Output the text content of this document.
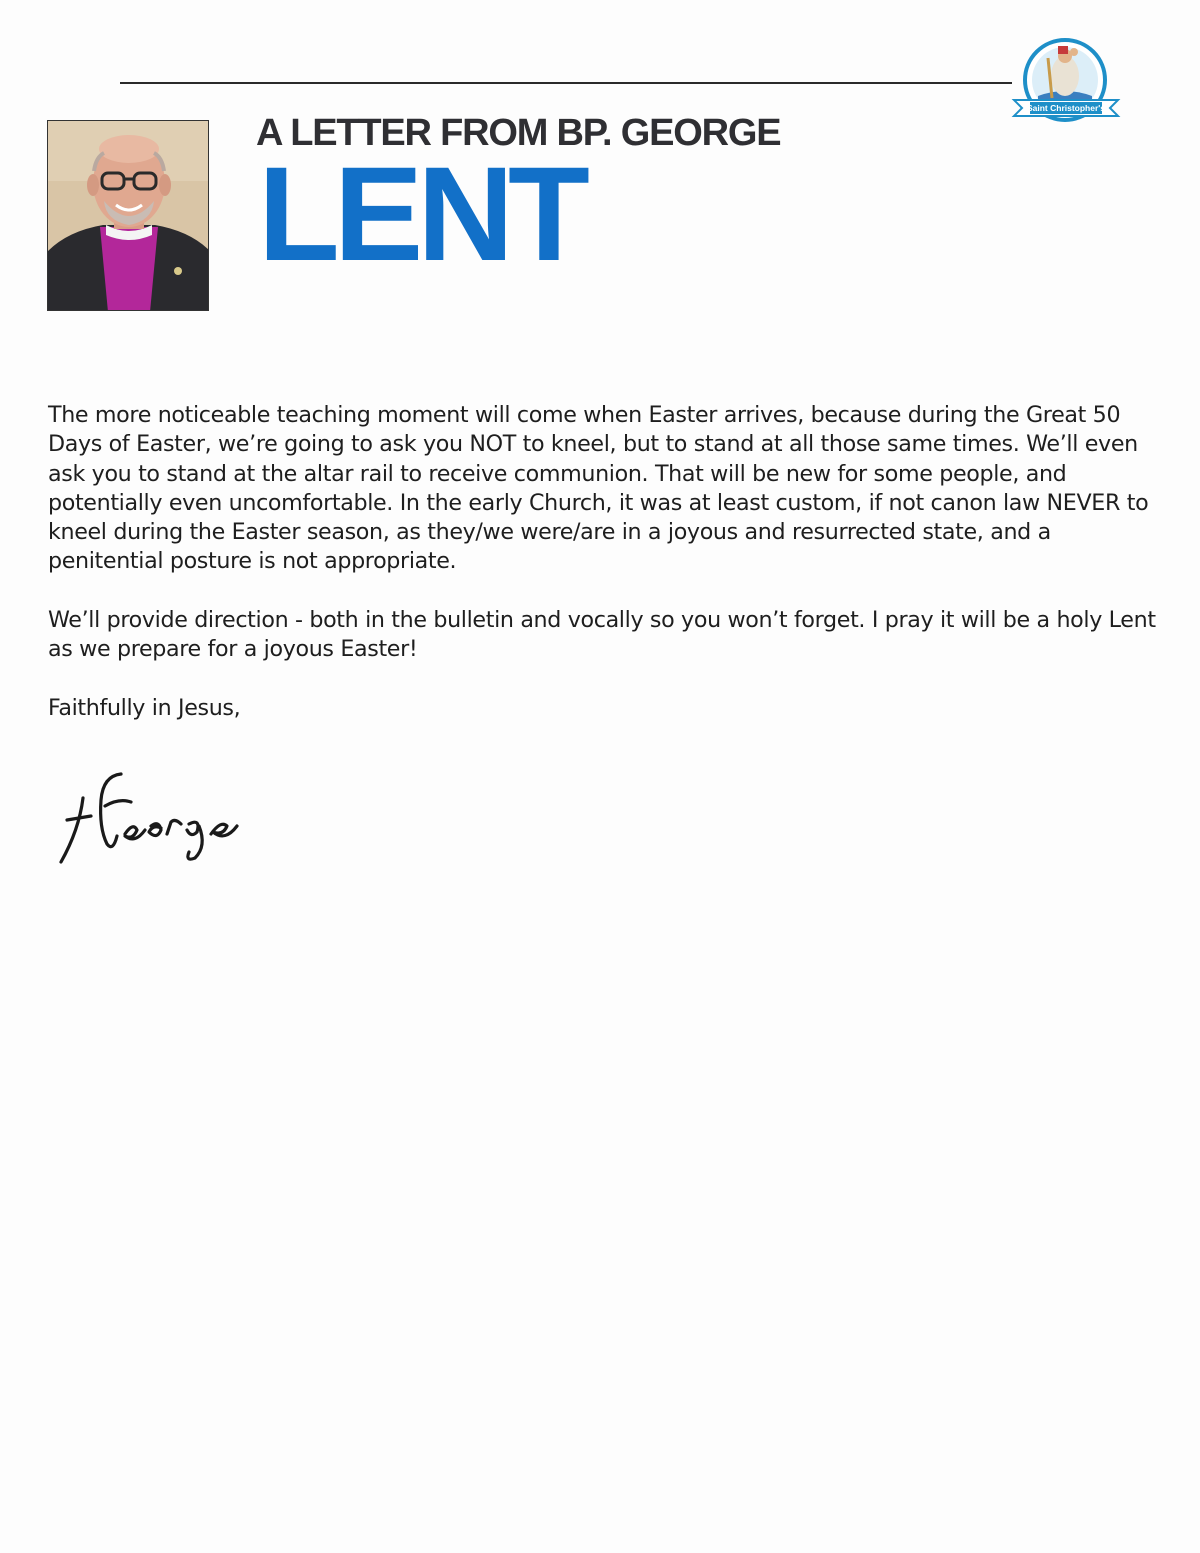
Saint Christopher's
A LETTER FROM BP. GEORGE
LENT

The more noticeable teaching moment will come when Easter arrives, because during the Great 50 Days of Easter, we’re going to ask you NOT to kneel, but to stand at all those same times. We’ll even ask you to stand at the altar rail to receive communion. That will be new for some people, and potentially even uncomfortable. In the early Church, it was at least custom, if not canon law NEVER to kneel during the Easter season, as they/we were/are in a joyous and resurrected state, and a penitential posture is not appropriate.

We’ll provide direction - both in the bulletin and vocally so you won’t forget. I pray it will be a holy Lent as we prepare for a joyous Easter!

Faithfully in Jesus,
